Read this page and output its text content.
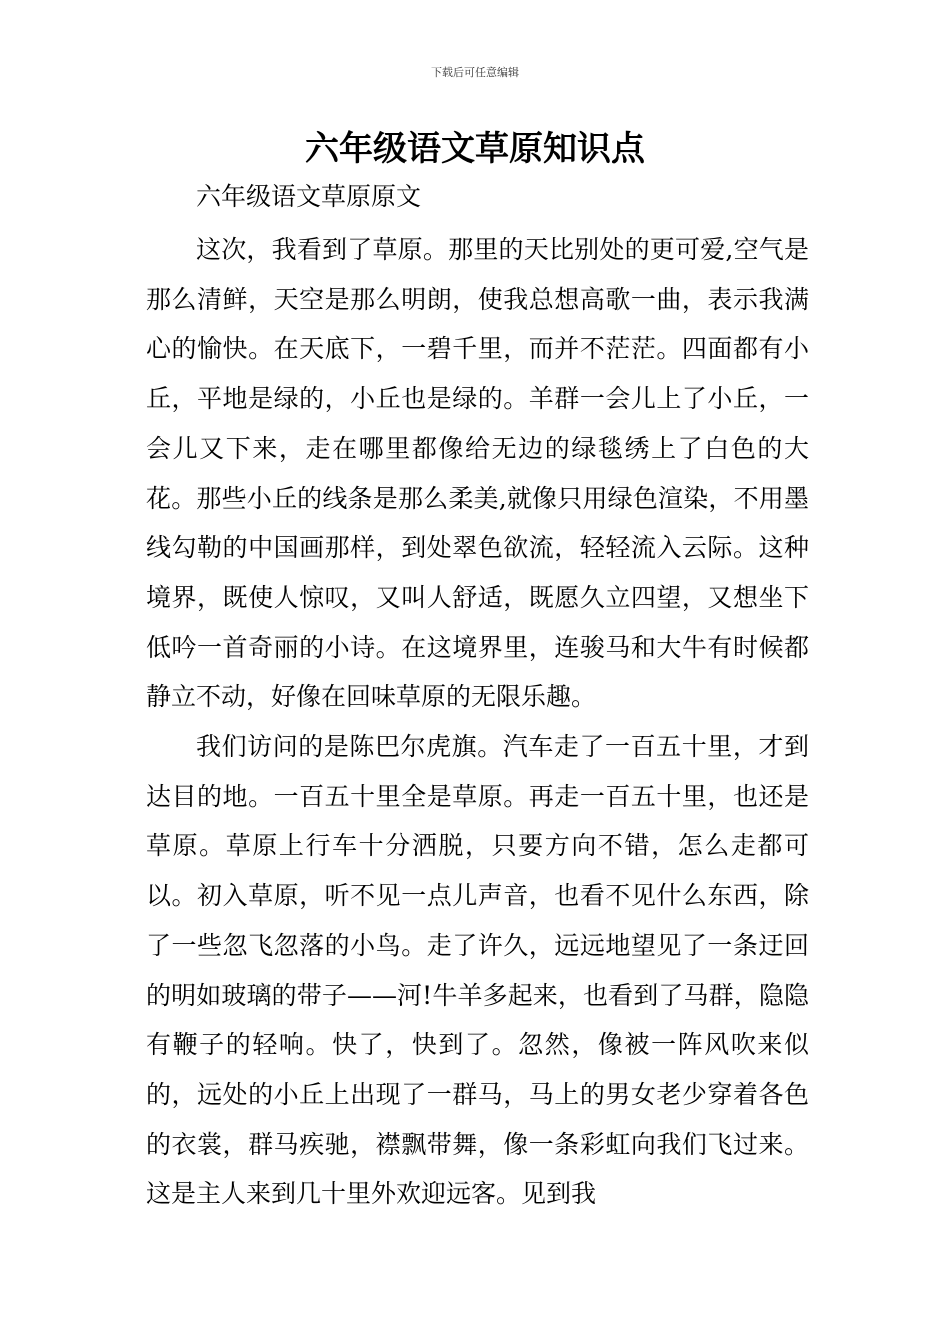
下载后可任意编辑
六年级语文草原知识点

六年级语文草原原文

这次，我看到了草原。那里的天比别处的更可爱,空气是那么清鲜，天空是那么明朗，使我总想高歌一曲，表示我满心的愉快。在天底下，一碧千里，而并不茫茫。四面都有小丘，平地是绿的，小丘也是绿的。羊群一会儿上了小丘，一会儿又下来，走在哪里都像给无边的绿毯绣上了白色的大花。那些小丘的线条是那么柔美,就像只用绿色渲染，不用墨线勾勒的中国画那样，到处翠色欲流，轻轻流入云际。这种境界，既使人惊叹，又叫人舒适，既愿久立四望，又想坐下低吟一首奇丽的小诗。在这境界里，连骏马和大牛有时候都静立不动，好像在回味草原的无限乐趣。

我们访问的是陈巴尔虎旗。汽车走了一百五十里，才到达目的地。一百五十里全是草原。再走一百五十里，也还是草原。草原上行车十分洒脱，只要方向不错，怎么走都可以。初入草原，听不见一点儿声音，也看不见什么东西，除了一些忽飞忽落的小鸟。走了许久，远远地望见了一条迂回的明如玻璃的带子——河!牛羊多起来，也看到了马群，隐隐有鞭子的轻响。快了，快到了。忽然，像被一阵风吹来似的，远处的小丘上出现了一群马，马上的男女老少穿着各色的衣裳，群马疾驰，襟飘带舞，像一条彩虹向我们飞过来。这是主人来到几十里外欢迎远客。见到我
